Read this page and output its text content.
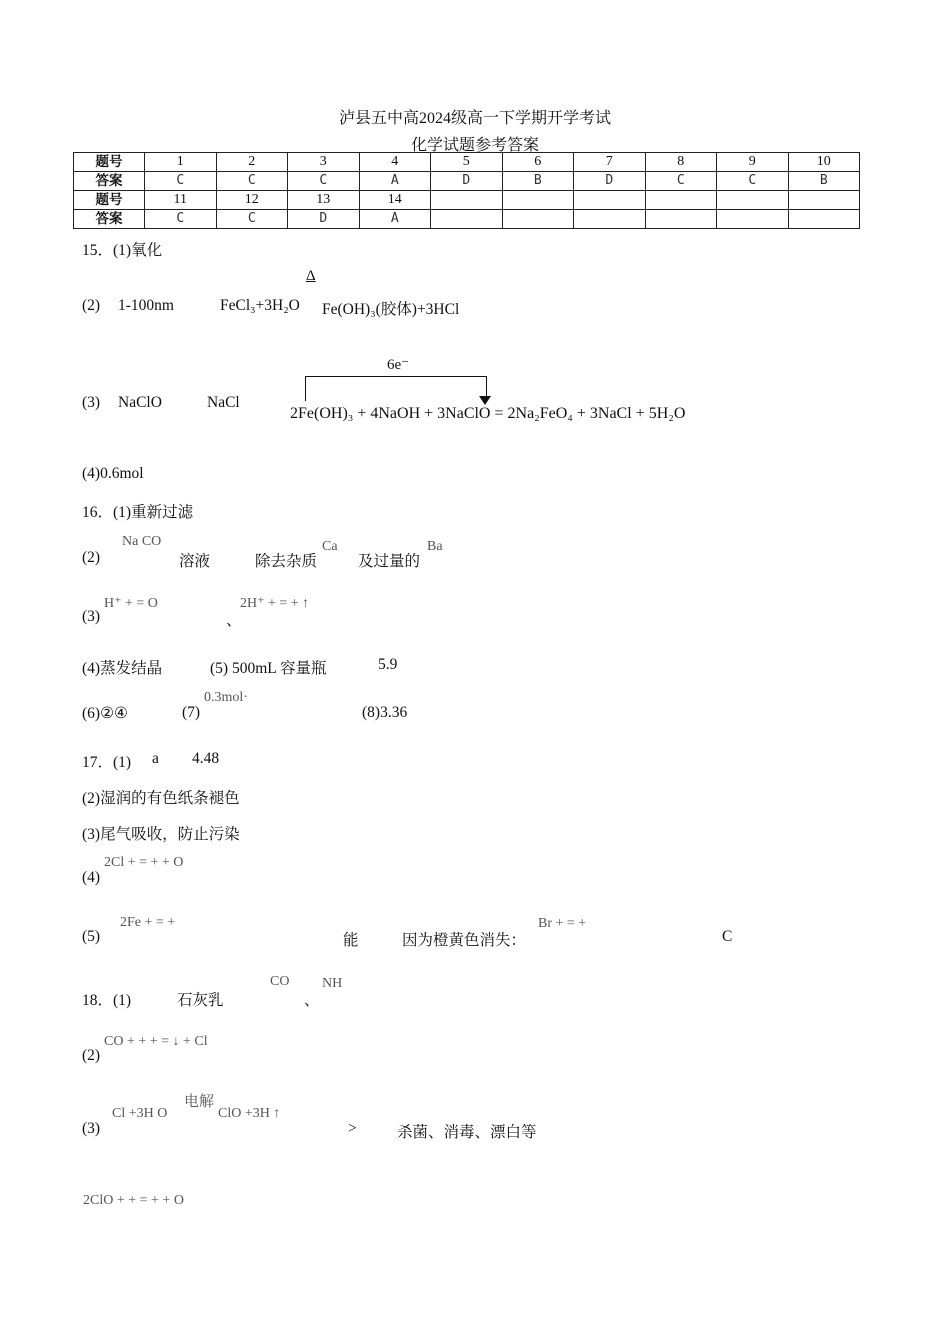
泸县五中高2024级高一下学期开学考试
化学试题参考答案
题号	1	2	3	4	5	6	7	8	9	10
答案	C	C	C	A	D	B	D	C	C	B
题号	11	12	13	14						
答案	C	C	D	A						
15．(1)氧化
(2) 1-100nm	FeCl₃+3H₂O
Δ
Fe(OH)₃(胶体)+3HCl
(3) NaClO	NaCl
6e⁻
2Fe(OH)₃ + 4NaOH + 3NaClO = 2Na₂FeO₄ + 3NaCl + 5H₂O
(4)0.6mol
16．(1)重新过滤
(2)
Na CO
溶液	除去杂质
Ca
及过量的
Ba
(3)
H⁺ + = O
、
2H⁺ + = + ↑
(4)蒸发结晶	(5) 500mL 容量瓶	5.9
(6)②④	(7)
0.3mol·
(8)3.36
17．(1) a 4.48
(2)湿润的有色纸条褪色
(3)尾气吸收，防止污染
(4)
2Cl + = + + O
(5)
2Fe + = +
能	因为橙黄色消失：
Br + = +
C
18．(1)	石灰乳
CO
、
NH
(2)
CO + + + = ↓ + Cl
(3)
Cl +3H O
电解
ClO +3H ↑
>	杀菌、消毒、漂白等
2ClO + + = + + O
